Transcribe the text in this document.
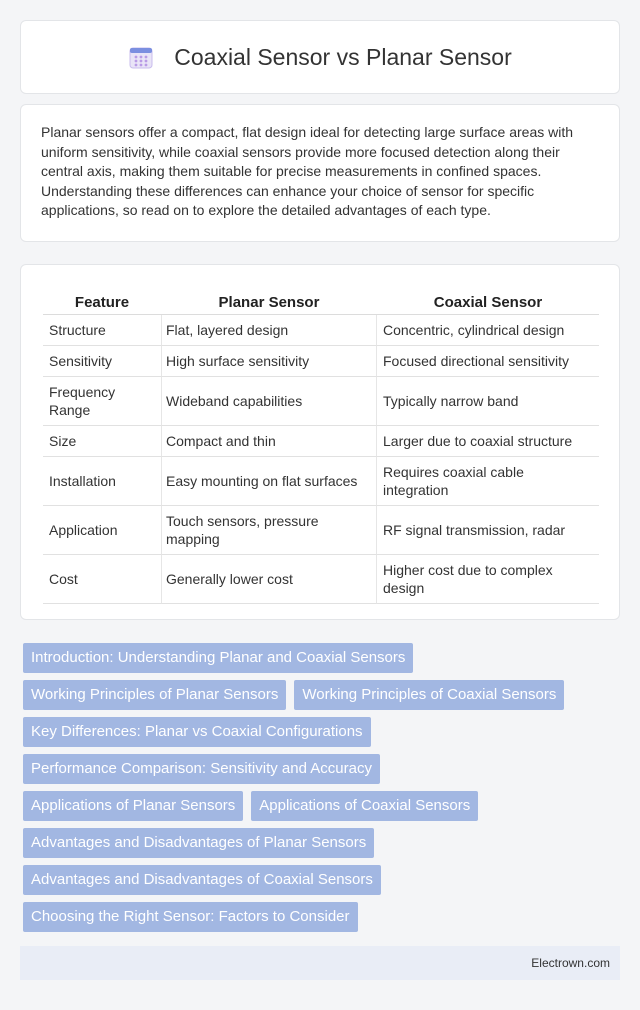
Coaxial Sensor vs Planar Sensor

Planar sensors offer a compact, flat design ideal for detecting large surface areas with uniform sensitivity, while coaxial sensors provide more focused detection along their central axis, making them suitable for precise measurements in confined spaces. Understanding these differences can enhance your choice of sensor for specific applications, so read on to explore the detailed advantages of each type.

Feature	Planar Sensor	Coaxial Sensor
Structure	Flat, layered design	Concentric, cylindrical design
Sensitivity	High surface sensitivity	Focused directional sensitivity
Frequency Range	Wideband capabilities	Typically narrow band
Size	Compact and thin	Larger due to coaxial structure
Installation	Easy mounting on flat surfaces	Requires coaxial cable integration
Application	Touch sensors, pressure mapping	RF signal transmission, radar
Cost	Generally lower cost	Higher cost due to complex design
Introduction: Understanding Planar and Coaxial Sensors
Working Principles of Planar Sensors	Working Principles of Coaxial Sensors
Key Differences: Planar vs Coaxial Configurations
Performance Comparison: Sensitivity and Accuracy
Applications of Planar Sensors	Applications of Coaxial Sensors
Advantages and Disadvantages of Planar Sensors
Advantages and Disadvantages of Coaxial Sensors
Choosing the Right Sensor: Factors to Consider
Electrown.com
